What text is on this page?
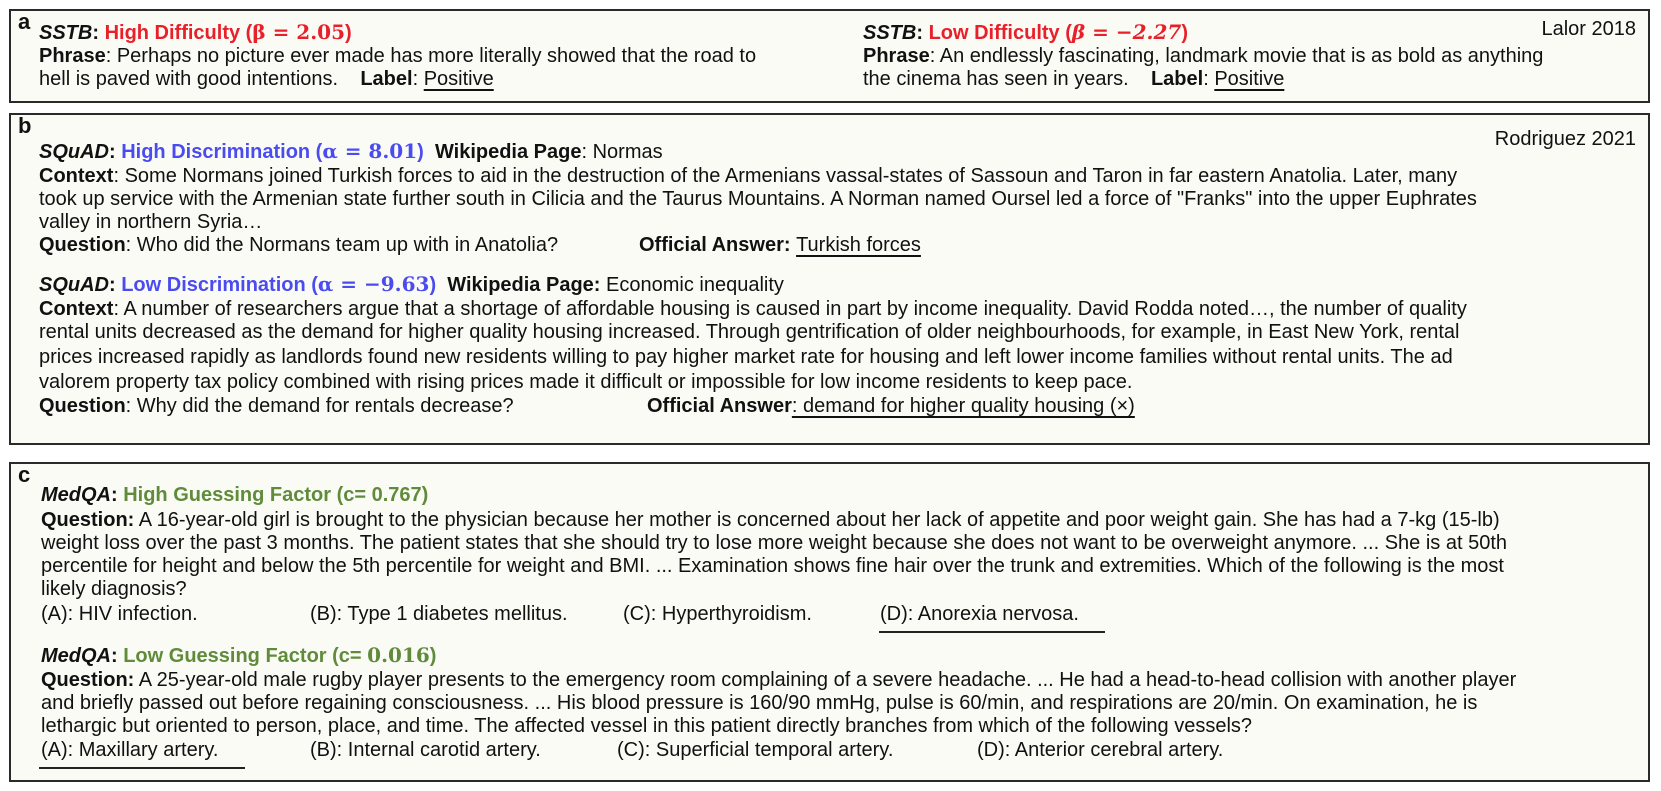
a	Lalor 2018
SSTB: High Difficulty (β = 2.05)
Phrase: Perhaps no picture ever made has more literally showed that the road to
hell is paved with good intentions. Label: Positive
SSTB: Low Difficulty (β = −2.27)
Phrase: An endlessly fascinating, landmark movie that is as bold as anything
the cinema has seen in years. Label: Positive
b
Rodriguez 2021
SQuAD: High Discrimination (α = 8.01) Wikipedia Page: Normas
Context: Some Normans joined Turkish forces to aid in the destruction of the Armenians vassal-states of Sassoun and Taron in far eastern Anatolia. Later, many
took up service with the Armenian state further south in Cilicia and the Taurus Mountains. A Norman named Oursel led a force of "Franks" into the upper Euphrates
valley in northern Syria…
Question: Who did the Normans team up with in Anatolia?	Official Answer: Turkish forces
SQuAD: Low Discrimination (α = −9.63) Wikipedia Page: Economic inequality
Context: A number of researchers argue that a shortage of affordable housing is caused in part by income inequality. David Rodda noted…, the number of quality
rental units decreased as the demand for higher quality housing increased. Through gentrification of older neighbourhoods, for example, in East New York, rental
prices increased rapidly as landlords found new residents willing to pay higher market rate for housing and left lower income families without rental units. The ad
valorem property tax policy combined with rising prices made it difficult or impossible for low income residents to keep pace.
Question: Why did the demand for rentals decrease?	Official Answer: demand for higher quality housing (×)
c
MedQA: High Guessing Factor (c= 0.767)
Question: A 16-year-old girl is brought to the physician because her mother is concerned about her lack of appetite and poor weight gain. She has had a 7-kg (15-lb)
weight loss over the past 3 months. The patient states that she should try to lose more weight because she does not want to be overweight anymore. ... She is at 50th
percentile for height and below the 5th percentile for weight and BMI. ... Examination shows fine hair over the trunk and extremities. Which of the following is the most
likely diagnosis?
(A): HIV infection.	(B): Type 1 diabetes mellitus.	(C): Hyperthyroidism.	(D): Anorexia nervosa.
MedQA: Low Guessing Factor (c= 0.016)
Question: A 25-year-old male rugby player presents to the emergency room complaining of a severe headache. ... He had a head-to-head collision with another player
and briefly passed out before regaining consciousness. ... His blood pressure is 160/90 mmHg, pulse is 60/min, and respirations are 20/min. On examination, he is
lethargic but oriented to person, place, and time. The affected vessel in this patient directly branches from which of the following vessels?
(A): Maxillary artery.	(B): Internal carotid artery.	(C): Superficial temporal artery.	(D): Anterior cerebral artery.
